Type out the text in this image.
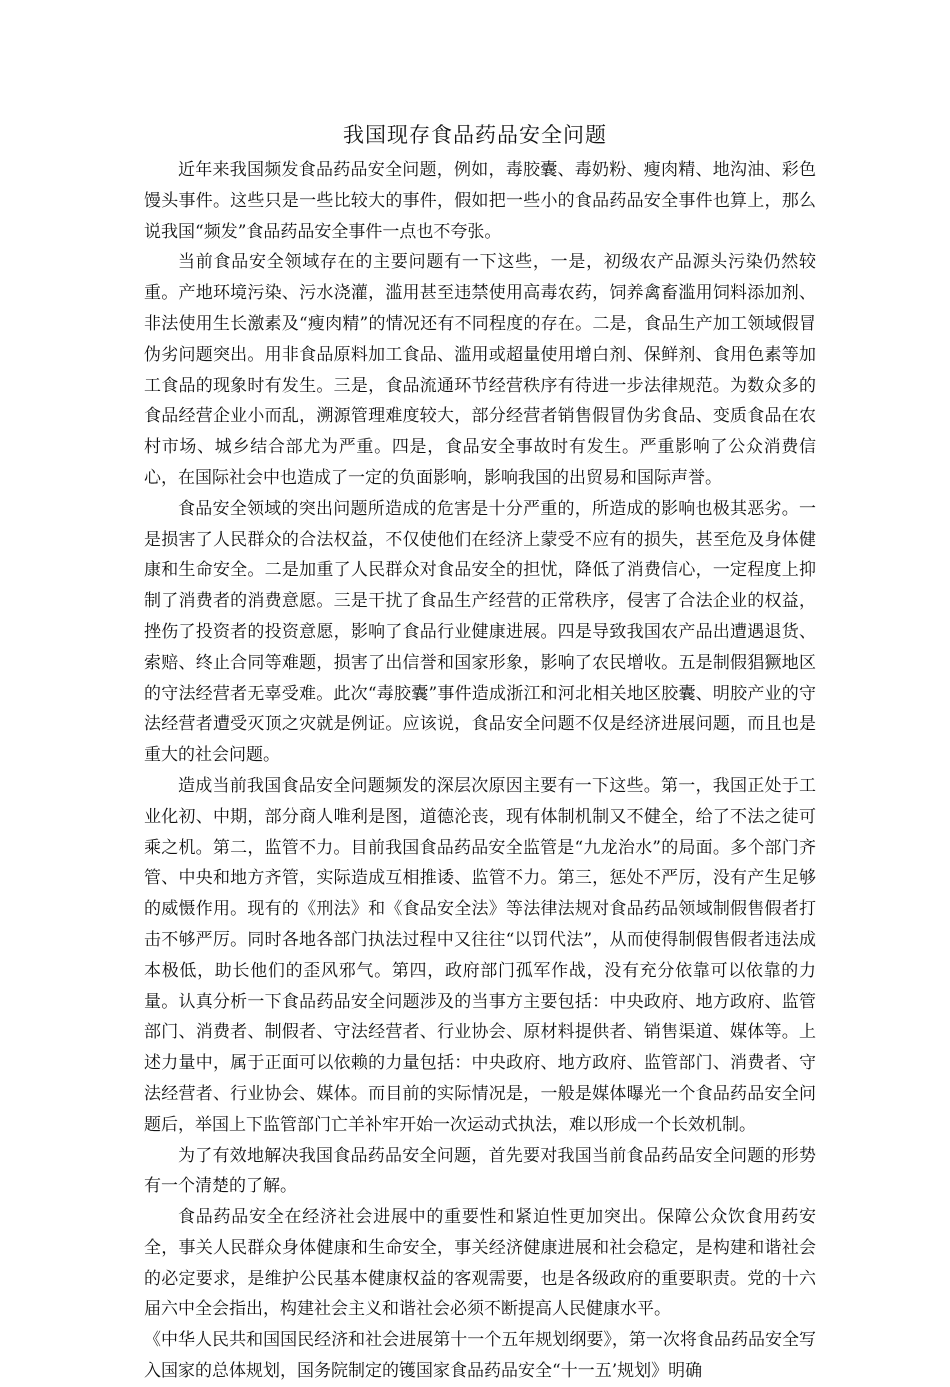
我国现存食品药品安全问题

近年来我国频发食品药品安全问题，例如，毒胶囊、毒奶粉、瘦肉精、地沟油、彩色馒头事件。这些只是一些比较大的事件，假如把一些小的食品药品安全事件也算上，那么说我国“频发”食品药品安全事件一点也不夸张。

当前食品安全领域存在的主要问题有一下这些，一是，初级农产品源头污染仍然较重。产地环境污染、污水浇灌，滥用甚至违禁使用高毒农药，饲养禽畜滥用饲料添加剂、非法使用生长激素及“瘦肉精”的情况还有不同程度的存在。二是，食品生产加工领域假冒伪劣问题突出。用非食品原料加工食品、滥用或超量使用增白剂、保鲜剂、食用色素等加工食品的现象时有发生。三是，食品流通环节经营秩序有待进一步法律规范。为数众多的食品经营企业小而乱，溯源管理难度较大，部分经营者销售假冒伪劣食品、变质食品在农村市场、城乡结合部尤为严重。四是，食品安全事故时有发生。严重影响了公众消费信心，在国际社会中也造成了一定的负面影响，影响我国的出贸易和国际声誉。

食品安全领域的突出问题所造成的危害是十分严重的，所造成的影响也极其恶劣。一是损害了人民群众的合法权益，不仅使他们在经济上蒙受不应有的损失，甚至危及身体健康和生命安全。二是加重了人民群众对食品安全的担忧，降低了消费信心，一定程度上抑制了消费者的消费意愿。三是干扰了食品生产经营的正常秩序，侵害了合法企业的权益，挫伤了投资者的投资意愿，影响了食品行业健康进展。四是导致我国农产品出遭遇退货、索赔、终止合同等难题，损害了出信誉和国家形象，影响了农民增收。五是制假猖獗地区的守法经营者无辜受难。此次“毒胶囊”事件造成浙江和河北相关地区胶囊、明胶产业的守法经营者遭受灭顶之灾就是例证。应该说，食品安全问题不仅是经济进展问题，而且也是重大的社会问题。

造成当前我国食品安全问题频发的深层次原因主要有一下这些。第一，我国正处于工业化初、中期，部分商人唯利是图，道德沦丧，现有体制机制又不健全，给了不法之徒可乘之机。第二，监管不力。目前我国食品药品安全监管是“九龙治水”的局面。多个部门齐管、中央和地方齐管，实际造成互相推诿、监管不力。第三，惩处不严厉，没有产生足够的威慑作用。现有的《刑法》和《食品安全法》等法律法规对食品药品领域制假售假者打击不够严厉。同时各地各部门执法过程中又往往“以罚代法”，从而使得制假售假者违法成本极低，助长他们的歪风邪气。第四，政府部门孤军作战，没有充分依靠可以依靠的力量。认真分析一下食品药品安全问题涉及的当事方主要包括：中央政府、地方政府、监管部门、消费者、制假者、守法经营者、行业协会、原材料提供者、销售渠道、媒体等。上述力量中，属于正面可以依赖的力量包括：中央政府、地方政府、监管部门、消费者、守法经营者、行业协会、媒体。而目前的实际情况是，一般是媒体曝光一个食品药品安全问题后，举国上下监管部门亡羊补牢开始一次运动式执法，难以形成一个长效机制。

为了有效地解决我国食品药品安全问题，首先要对我国当前食品药品安全问题的形势有一个清楚的了解。

食品药品安全在经济社会进展中的重要性和紧迫性更加突出。保障公众饮食用药安全，事关人民群众身体健康和生命安全，事关经济健康进展和社会稳定，是构建和谐社会的必定要求，是维护公民基本健康权益的客观需要，也是各级政府的重要职责。党的十六届六中全会指出，构建社会主义和谐社会必须不断提高人民健康水平。

《中华人民共和国国民经济和社会进展第十一个五年规划纲要》，第一次将食品药品安全写入国家的总体规划，国务院制定的镬国家食品药品安全“十一五’规划》明确
